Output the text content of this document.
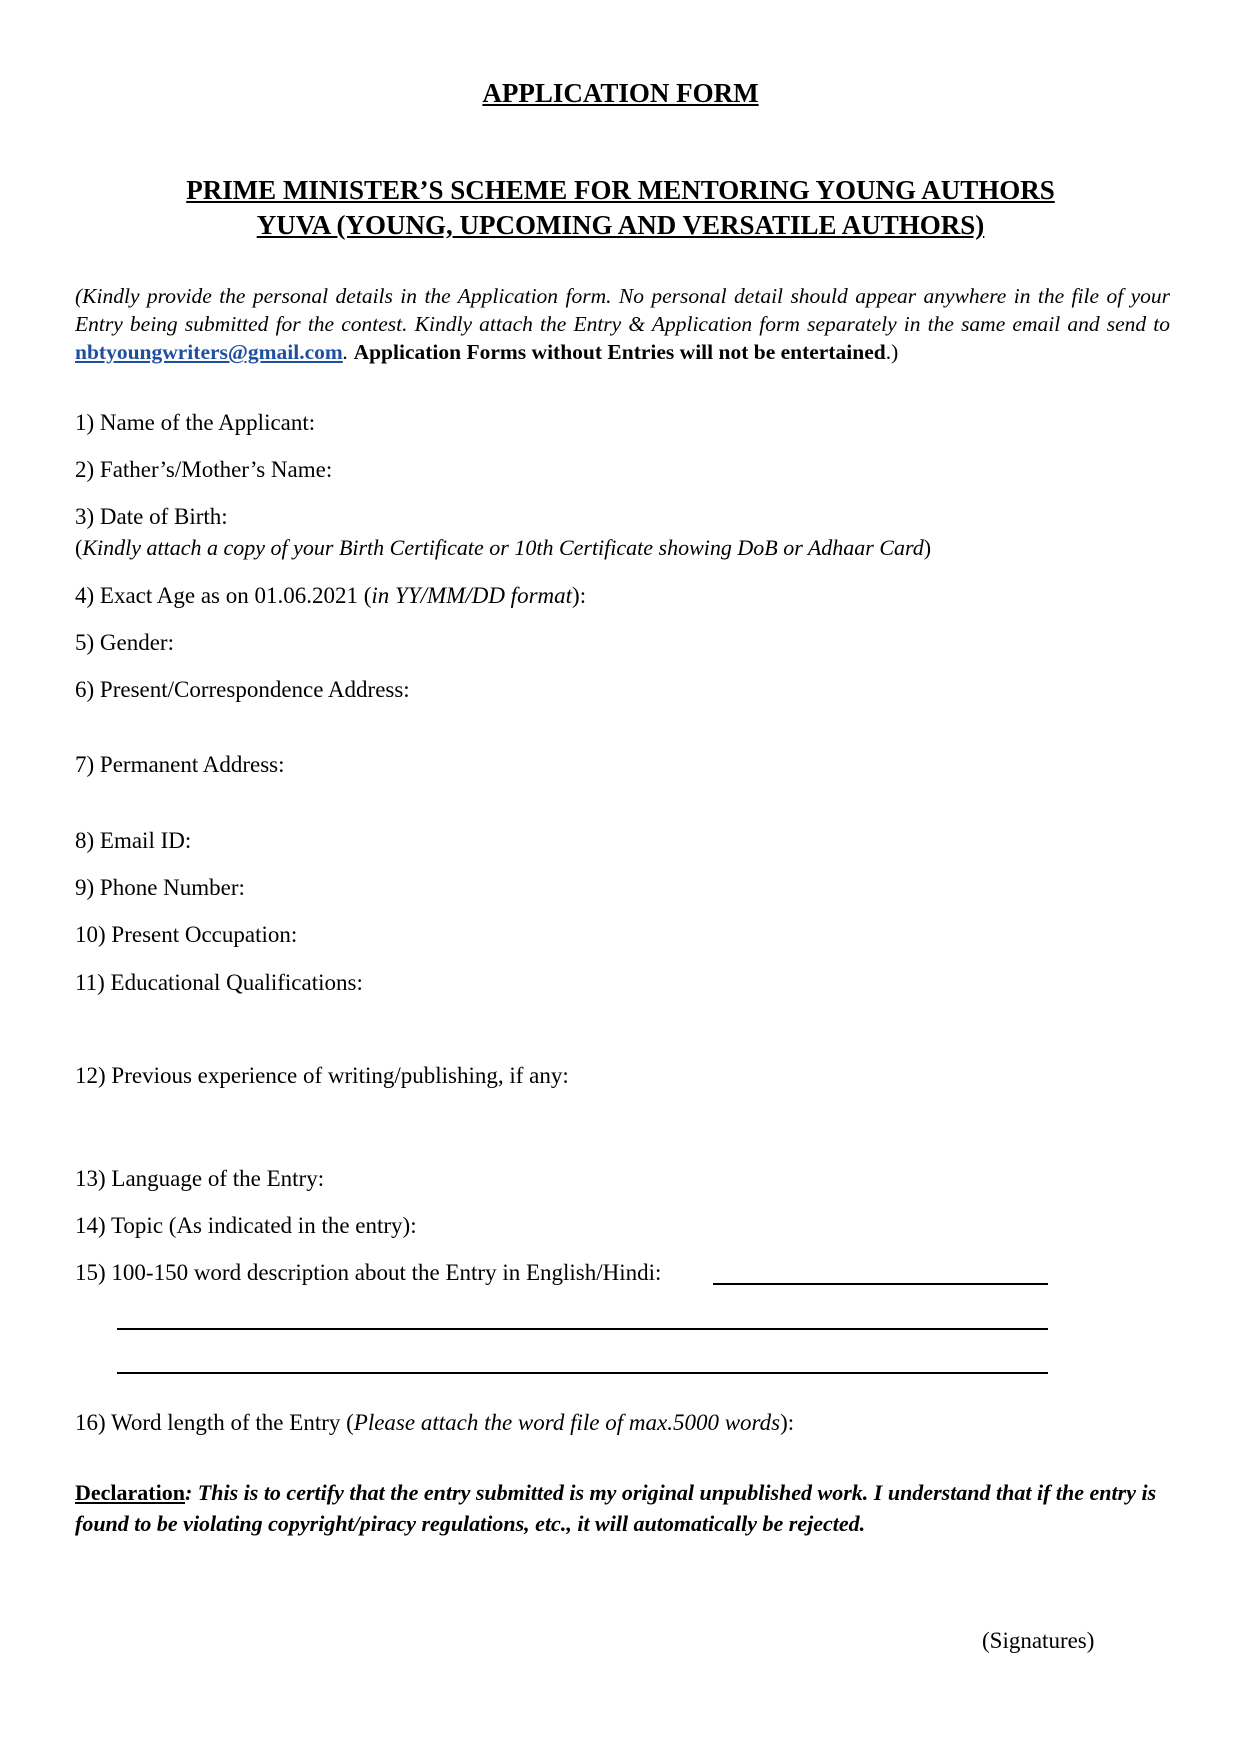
APPLICATION FORM
PRIME MINISTER’S SCHEME FOR MENTORING YOUNG AUTHORS
YUVA (YOUNG, UPCOMING AND VERSATILE AUTHORS)
(Kindly provide the personal details in the Application form. No personal detail should appear anywhere in the file of your Entry being submitted for the contest. Kindly attach the Entry & Application form separately in the same email and send to nbtyoungwriters@gmail.com. Application Forms without Entries will not be entertained.)
1) Name of the Applicant:
2) Father’s/Mother’s Name:
3) Date of Birth:
(Kindly attach a copy of your Birth Certificate or 10th Certificate showing DoB or Adhaar Card)
4) Exact Age as on 01.06.2021 (in YY/MM/DD format):
5) Gender:
6) Present/Correspondence Address:
7) Permanent Address:
8) Email ID:
9) Phone Number:
10) Present Occupation:
11) Educational Qualifications:
12) Previous experience of writing/publishing, if any:
13) Language of the Entry:
14) Topic (As indicated in the entry):
15) 100-150 word description about the Entry in English/Hindi:
16) Word length of the Entry (Please attach the word file of max.5000 words):
Declaration: This is to certify that the entry submitted is my original unpublished work. I understand that if the entry is found to be violating copyright/piracy regulations, etc., it will automatically be rejected.
(Signatures)
